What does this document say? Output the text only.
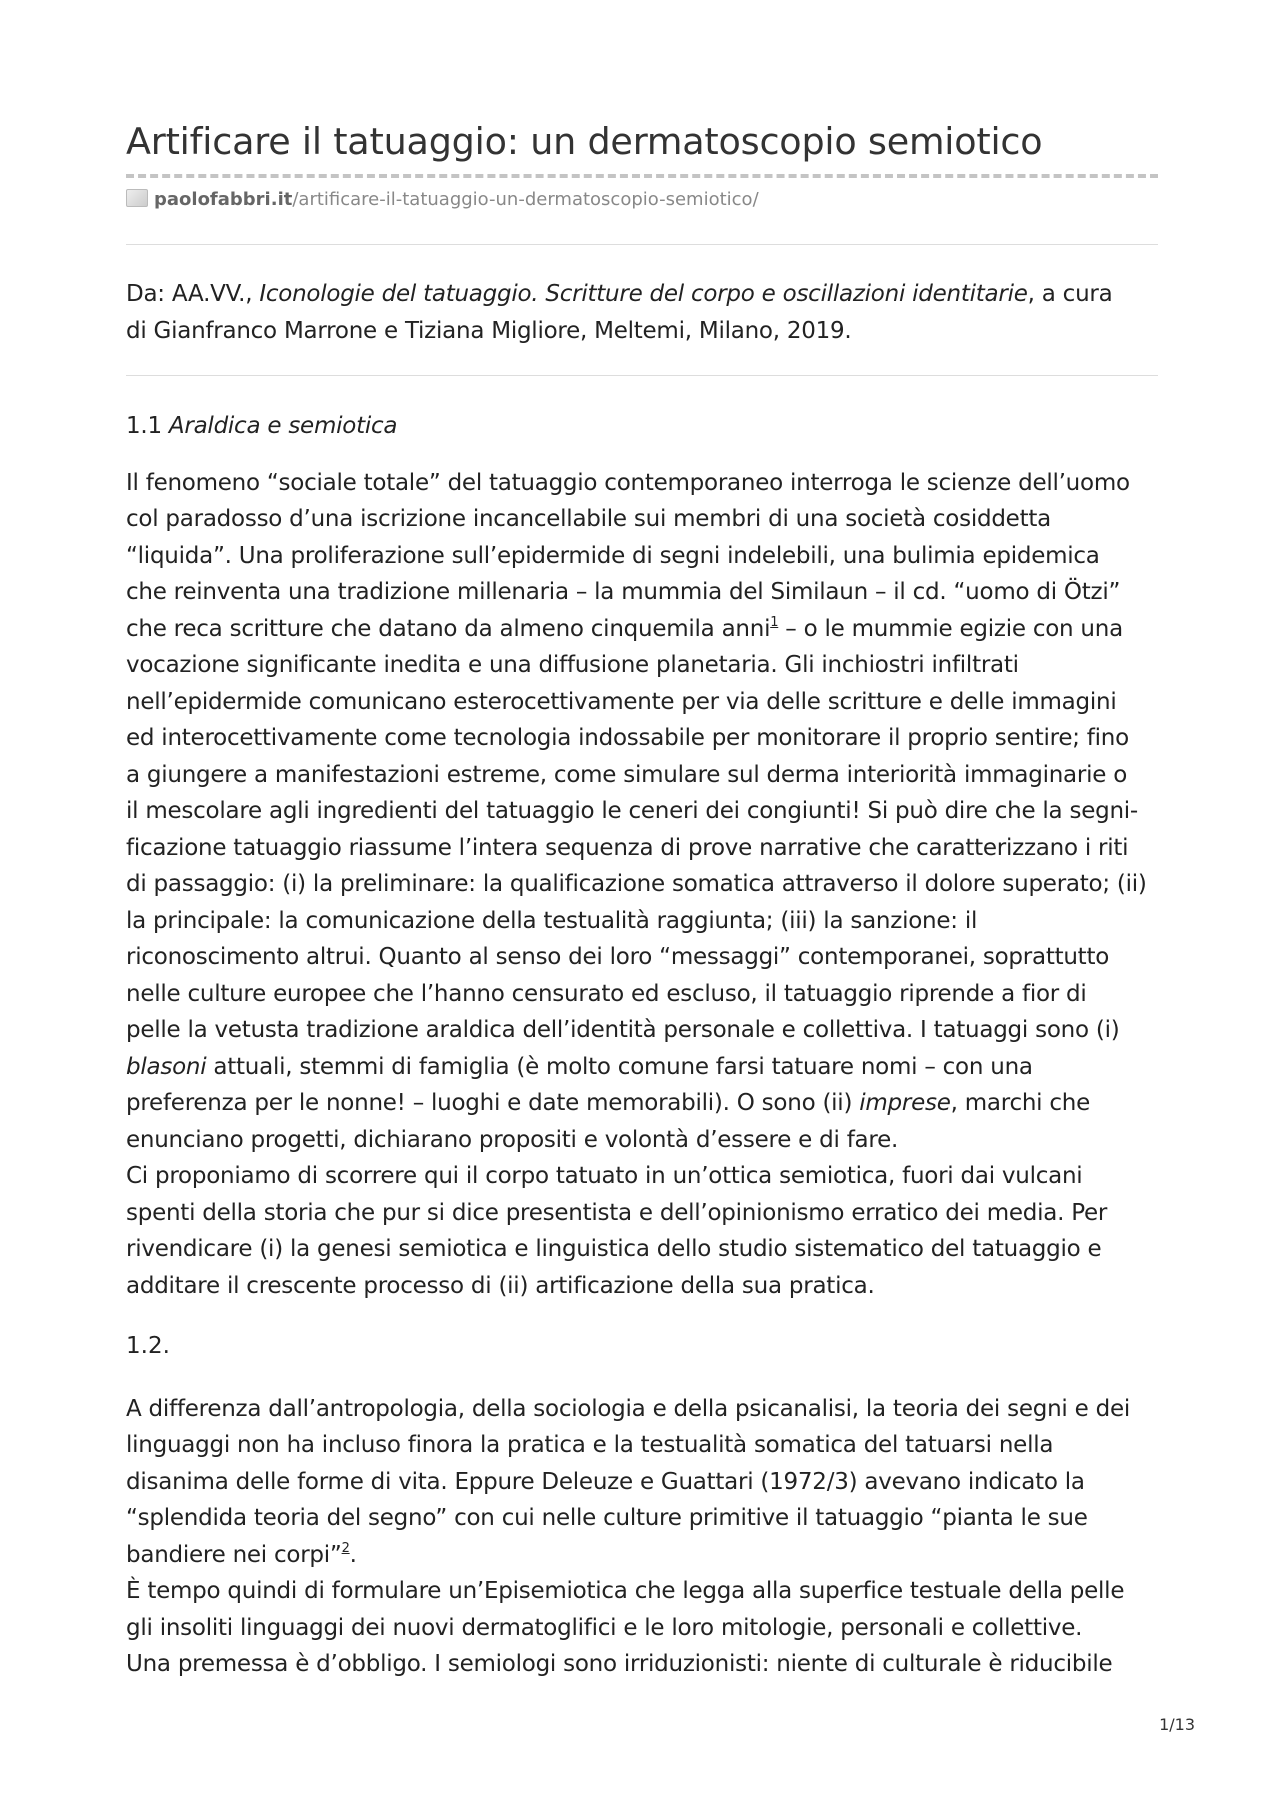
Artificare il tatuaggio: un dermatoscopio semiotico
paolofabbri.it/artificare-il-tatuaggio-un-dermatoscopio-semiotico/
Da: AA.VV., Iconologie del tatuaggio. Scritture del corpo e oscillazioni identitarie, a cura
di Gianfranco Marrone e Tiziana Migliore, Meltemi, Milano, 2019.
1.1 Araldica e semiotica

Il fenomeno “sociale totale” del tatuaggio contemporaneo interroga le scienze dell’uomo
col paradosso d’una iscrizione incancellabile sui membri di una società cosiddetta
“liquida”. Una proliferazione sull’epidermide di segni indelebili, una bulimia epidemica
che reinventa una tradizione millenaria – la mummia del Similaun – il cd. “uomo di Ötzi”
che reca scritture che datano da almeno cinquemila anni$^1$ – o le mummie egizie con una
vocazione significante inedita e una diffusione planetaria. Gli inchiostri infiltrati
nell’epidermide comunicano esterocettivamente per via delle scritture e delle immagini
ed interocettivamente come tecnologia indossabile per monitorare il proprio sentire; fino
a giungere a manifestazioni estreme, come simulare sul derma interiorità immaginarie o
il mescolare agli ingredienti del tatuaggio le ceneri dei congiunti! Si può dire che la segni-
ficazione tatuaggio riassume l’intera sequenza di prove narrative che caratterizzano i riti
di passaggio: (i) la preliminare: la qualificazione somatica attraverso il dolore superato; (ii)
la principale: la comunicazione della testualità raggiunta; (iii) la sanzione: il
riconoscimento altrui. Quanto al senso dei loro “messaggi” contemporanei, soprattutto
nelle culture europee che l’hanno censurato ed escluso, il tatuaggio riprende a fior di
pelle la vetusta tradizione araldica dell’identità personale e collettiva. I tatuaggi sono (i)
blasoni attuali, stemmi di famiglia (è molto comune farsi tatuare nomi – con una
preferenza per le nonne! – luoghi e date memorabili). O sono (ii) imprese, marchi che
enunciano progetti, dichiarano propositi e volontà d’essere e di fare.
Ci proponiamo di scorrere qui il corpo tatuato in un’ottica semiotica, fuori dai vulcani
spenti della storia che pur si dice presentista e dell’opinionismo erratico dei media. Per
rivendicare (i) la genesi semiotica e linguistica dello studio sistematico del tatuaggio e
additare il crescente processo di (ii) artificazione della sua pratica.

1.2.

A differenza dall’antropologia, della sociologia e della psicanalisi, la teoria dei segni e dei
linguaggi non ha incluso finora la pratica e la testualità somatica del tatuarsi nella
disanima delle forme di vita. Eppure Deleuze e Guattari (1972/3) avevano indicato la
“splendida teoria del segno” con cui nelle culture primitive il tatuaggio “pianta le sue
bandiere nei corpi”$^2$.
È tempo quindi di formulare un’Episemiotica che legga alla superfice testuale della pelle
gli insoliti linguaggi dei nuovi dermatoglifici e le loro mitologie, personali e collettive.
Una premessa è d’obbligo. I semiologi sono irriduzionisti: niente di culturale è riducibile

1/13
